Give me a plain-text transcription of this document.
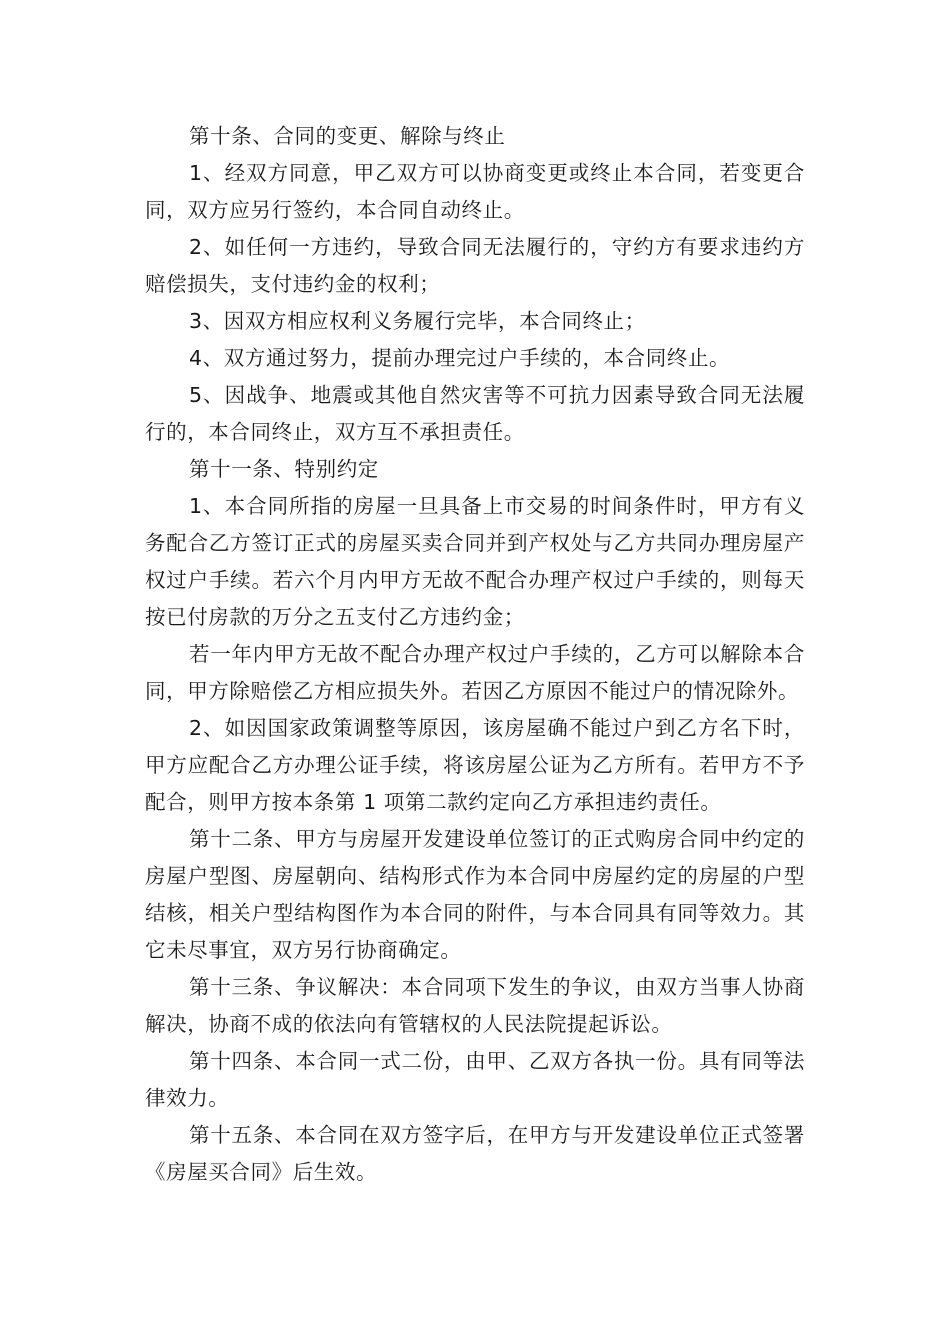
第十条、合同的变更、解除与终止

1、经双方同意，甲乙双方可以协商变更或终止本合同，若变更合同，双方应另行签约，本合同自动终止。

2、如任何一方违约，导致合同无法履行的，守约方有要求违约方赔偿损失，支付违约金的权利；

3、因双方相应权利义务履行完毕，本合同终止；

4、双方通过努力，提前办理完过户手续的，本合同终止。

5、因战争、地震或其他自然灾害等不可抗力因素导致合同无法履行的，本合同终止，双方互不承担责任。

第十一条、特别约定

1、本合同所指的房屋一旦具备上市交易的时间条件时，甲方有义务配合乙方签订正式的房屋买卖合同并到产权处与乙方共同办理房屋产权过户手续。若六个月内甲方无故不配合办理产权过户手续的，则每天按已付房款的万分之五支付乙方违约金；

若一年内甲方无故不配合办理产权过户手续的，乙方可以解除本合同，甲方除赔偿乙方相应损失外。若因乙方原因不能过户的情况除外。

2、如因国家政策调整等原因，该房屋确不能过户到乙方名下时，甲方应配合乙方办理公证手续，将该房屋公证为乙方所有。若甲方不予配合，则甲方按本条第 1 项第二款约定向乙方承担违约责任。

第十二条、甲方与房屋开发建设单位签订的正式购房合同中约定的房屋户型图、房屋朝向、结构形式作为本合同中房屋约定的房屋的户型结核，相关户型结构图作为本合同的附件，与本合同具有同等效力。其它未尽事宜，双方另行协商确定。

第十三条、争议解决：本合同项下发生的争议，由双方当事人协商解决，协商不成的依法向有管辖权的人民法院提起诉讼。

第十四条、本合同一式二份，由甲、乙双方各执一份。具有同等法律效力。

第十五条、本合同在双方签字后，在甲方与开发建设单位正式签署《房屋买合同》后生效。
